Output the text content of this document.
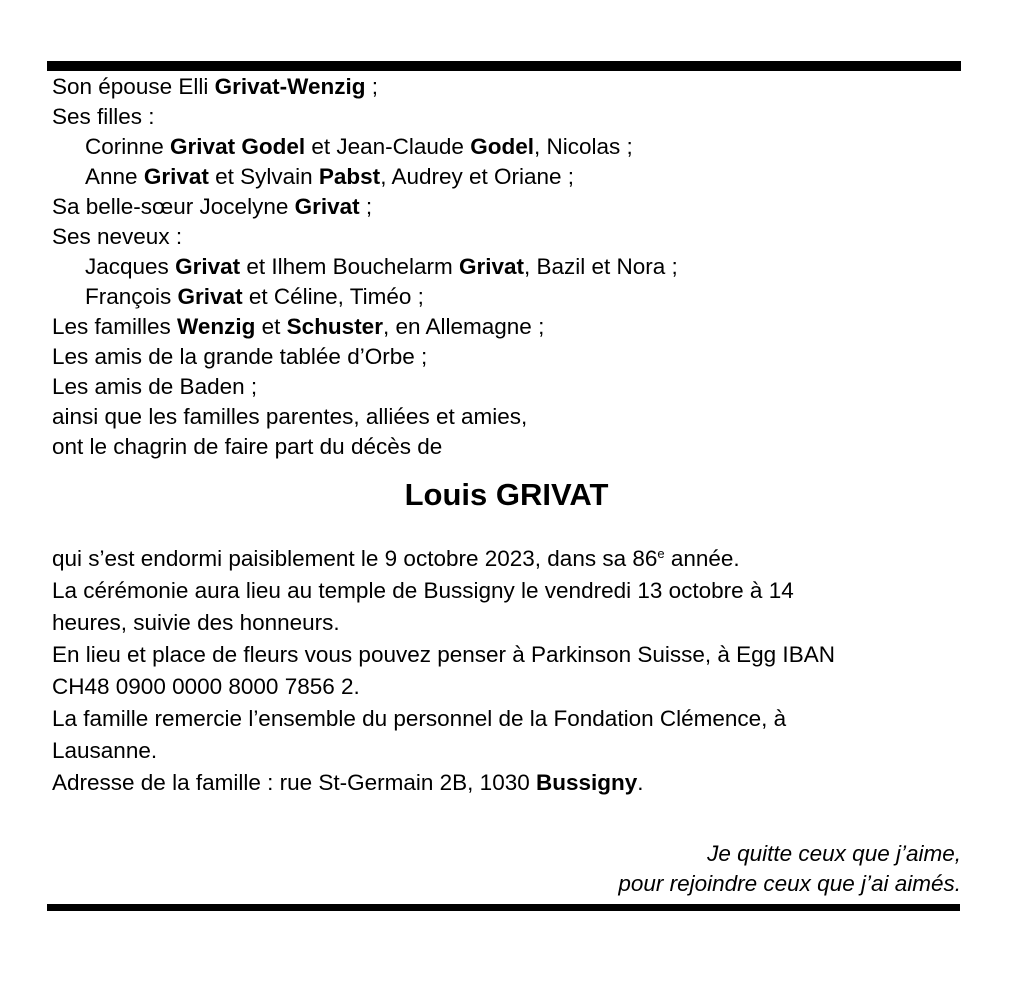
Son épouse Elli Grivat-Wenzig ;
Ses filles :
Corinne Grivat Godel et Jean-Claude Godel, Nicolas ;
Anne Grivat et Sylvain Pabst, Audrey et Oriane ;
Sa belle-sœur Jocelyne Grivat ;
Ses neveux :
Jacques Grivat et Ilhem Bouchelarm Grivat, Bazil et Nora ;
François Grivat et Céline, Timéo ;
Les familles Wenzig et Schuster, en Allemagne ;
Les amis de la grande tablée d’Orbe ;
Les amis de Baden ;
ainsi que les familles parentes, alliées et amies,
ont le chagrin de faire part du décès de
Louis GRIVAT
qui s’est endormi paisiblement le 9 octobre 2023, dans sa 86e année.
La cérémonie aura lieu au temple de Bussigny le vendredi 13 octobre à 14
heures, suivie des honneurs.
En lieu et place de fleurs vous pouvez penser à Parkinson Suisse, à Egg IBAN
CH48 0900 0000 8000 7856 2.
La famille remercie l’ensemble du personnel de la Fondation Clémence, à
Lausanne.
Adresse de la famille : rue St-Germain 2B, 1030 Bussigny.
Je quitte ceux que j’aime,
pour rejoindre ceux que j’ai aimés.
